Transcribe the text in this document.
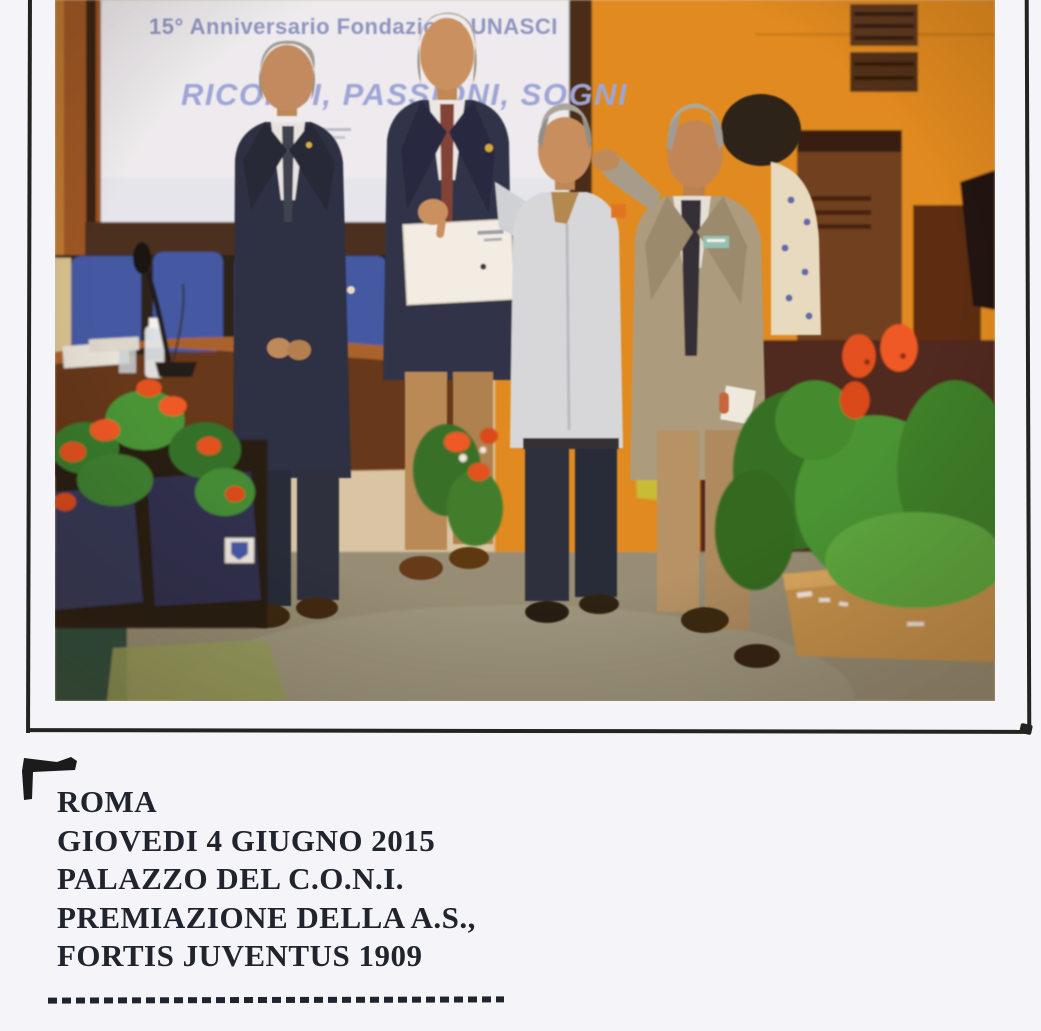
ROMA
GIOVEDI 4 GIUGNO 2015
PALAZZO DEL C.O.N.I.
PREMIAZIONE DELLA A.S.,
FORTIS JUVENTUS 1909
